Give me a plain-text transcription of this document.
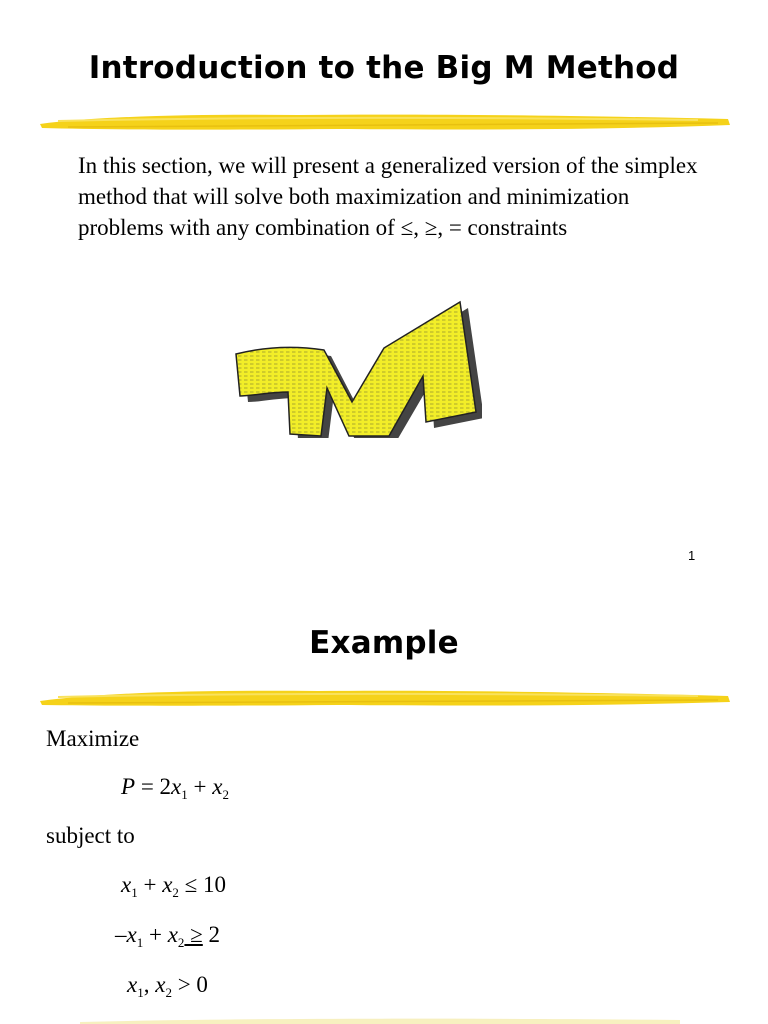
Introduction to the Big M Method
In this section, we will present a generalized version of the simplex method that will solve both maximization and minimization problems with any combination of ≤, ≥, = constraints
1
Example
Maximize
$P = 2x_1 + x_2$
subject to
$x_1 + x_2 \le 10$
$-x_1 + x_2 \ge 2$
$x_1$, $x_2 > 0$
